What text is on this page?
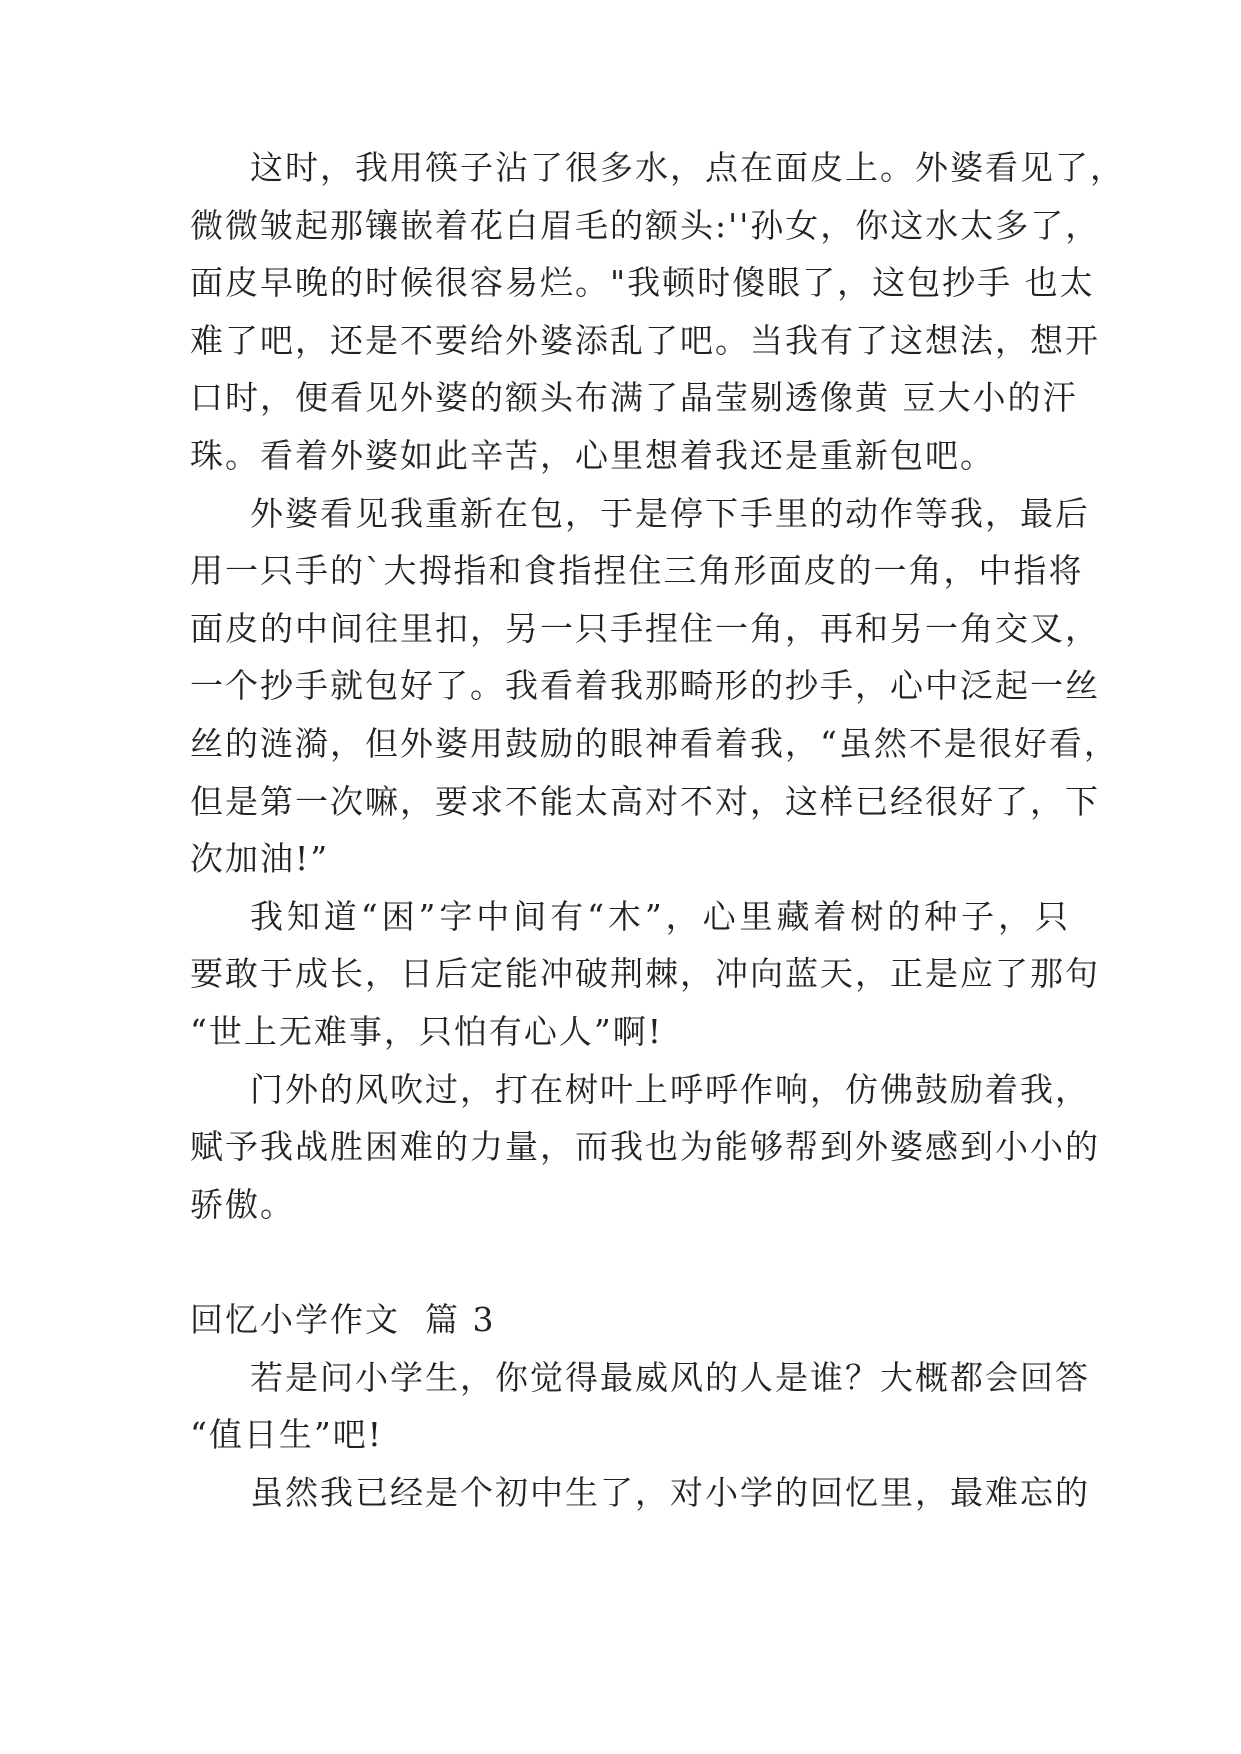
这时，我用筷子沾了很多水，点在面皮上。外婆看见了，
微微皱起那镶嵌着花白眉毛的额头:''孙女，你这水太多了，
面皮早晚的时候很容易烂。"我顿时傻眼了，这包抄手 也太
难了吧，还是不要给外婆添乱了吧。当我有了这想法，想开
口时，便看见外婆的额头布满了晶莹剔透像黄 豆大小的汗
珠。看着外婆如此辛苦，心里想着我还是重新包吧。
外婆看见我重新在包，于是停下手里的动作等我，最后
用一只手的`大拇指和食指捏住三角形面皮的一角，中指将
面皮的中间往里扣，另一只手捏住一角，再和另一角交叉，
一个抄手就包好了。我看着我那畸形的抄手，心中泛起一丝
丝的涟漪，但外婆用鼓励的眼神看着我，“虽然不是很好看，
但是第一次嘛，要求不能太高对不对，这样已经很好了，下
次加油!”
我知道“困”字中间有“木”，心里藏着树的种子，只
要敢于成长，日后定能冲破荆棘，冲向蓝天，正是应了那句
“世上无难事，只怕有心人”啊!
门外的风吹过，打在树叶上呼呼作响，仿佛鼓励着我，
赋予我战胜困难的力量，而我也为能够帮到外婆感到小小的
骄傲。
回忆小学作文  篇 3
若是问小学生，你觉得最威风的人是谁？大概都会回答
“值日生”吧!
虽然我已经是个初中生了，对小学的回忆里，最难忘的
